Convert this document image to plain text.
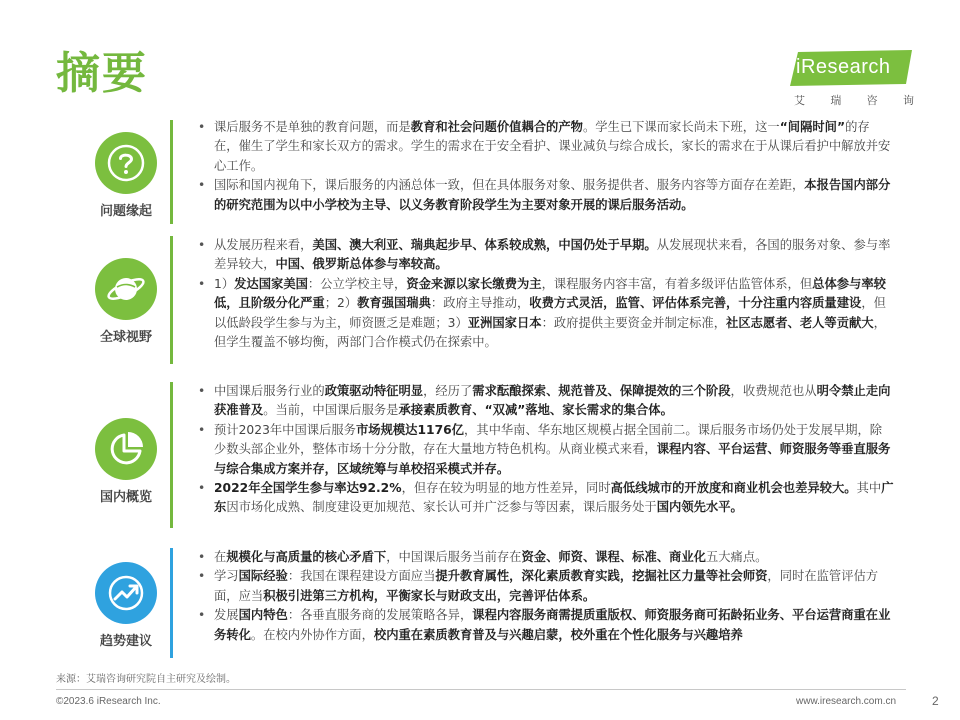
摘要	iResearch
艾 瑞 咨 询
问题缘起
• 课后服务不是单独的教育问题，而是教育和社会问题价值耦合的产物。学生已下课而家长尚未下班，这一“间隔时间”的存在，催生了学生和家长双方的需求。学生的需求在于安全看护、课业减负与综合成长，家长的需求在于从课后看护中解放并安心工作。
• 国际和国内视角下，课后服务的内涵总体一致，但在具体服务对象、服务提供者、服务内容等方面存在差距，本报告国内部分的研究范围为以中小学校为主导、以义务教育阶段学生为主要对象开展的课后服务活动。
全球视野
• 从发展历程来看，美国、澳大利亚、瑞典起步早、体系较成熟，中国仍处于早期。从发展现状来看，各国的服务对象、参与率差异较大，中国、俄罗斯总体参与率较高。
• 1）发达国家美国：公立学校主导，资金来源以家长缴费为主，课程服务内容丰富，有着多级评估监管体系，但总体参与率较低，且阶级分化严重；2）教育强国瑞典：政府主导推动，收费方式灵活，监管、评估体系完善，十分注重内容质量建设，但以低龄段学生参与为主，师资匮乏是难题；3）亚洲国家日本：政府提供主要资金并制定标准，社区志愿者、老人等贡献大，但学生覆盖不够均衡，两部门合作模式仍在探索中。
国内概览
• 中国课后服务行业的政策驱动特征明显，经历了需求酝酿探索、规范普及、保障提效的三个阶段，收费规范也从明令禁止走向获准普及。当前，中国课后服务是承接素质教育、“双减”落地、家长需求的集合体。
• 预计2023年中国课后服务市场规模达1176亿，其中华南、华东地区规模占据全国前二。课后服务市场仍处于发展早期，除少数头部企业外，整体市场十分分散，存在大量地方特色机构。从商业模式来看，课程内容、平台运营、师资服务等垂直服务与综合集成方案并存，区域统筹与单校招采模式并存。
• 2022年全国学生参与率达92.2%，但存在较为明显的地方性差异，同时高低线城市的开放度和商业机会也差异较大。其中广东因市场化成熟、制度建设更加规范、家长认可并广泛参与等因素，课后服务处于国内领先水平。
趋势建议
• 在规模化与高质量的核心矛盾下，中国课后服务当前存在资金、师资、课程、标准、商业化五大痛点。
• 学习国际经验：我国在课程建设方面应当提升教育属性，深化素质教育实践，挖掘社区力量等社会师资，同时在监管评估方面，应当积极引进第三方机构，平衡家长与财政支出，完善评估体系。
• 发展国内特色：各垂直服务商的发展策略各异，课程内容服务商需提质重版权、师资服务商可拓龄拓业务、平台运营商重在业务转化。在校内外协作方面，校内重在素质教育普及与兴趣启蒙，校外重在个性化服务与兴趣培养
来源：艾瑞咨询研究院自主研究及绘制。
©2023.6 iResearch Inc.	www.iresearch.com.cn	2
